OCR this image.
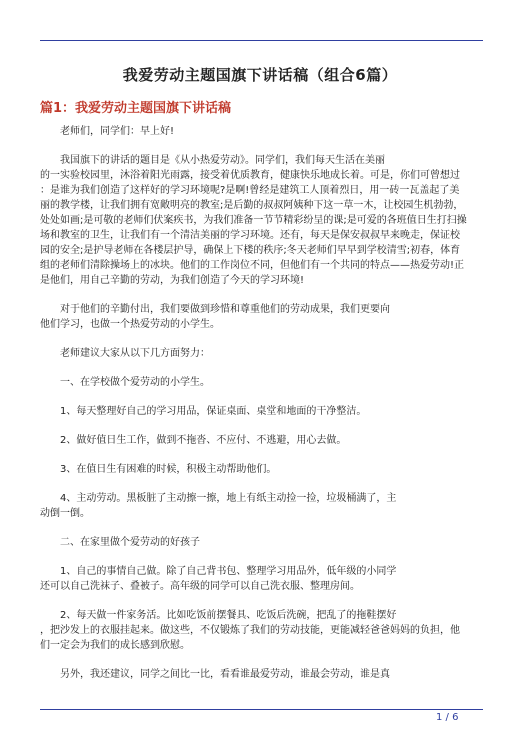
我爱劳动主题国旗下讲话稿（组合6篇）
篇1：我爱劳动主题国旗下讲话稿

老师们，同学们：早上好!

我国旗下的讲话的题目是《从小热爱劳动》。同学们，我们每天生活在美丽
的一实验校园里，沐浴着阳光雨露，接受着优质教育，健康快乐地成长着。可是，你们可曾想过
：是谁为我们创造了这样好的学习环境呢?是啊!曾经是建筑工人顶着烈日，用一砖一瓦盖起了美
丽的教学楼，让我们拥有宽敞明亮的教室;是后勤的叔叔阿姨种下这一草一木，让校园生机勃勃，
处处如画;是可敬的老师们伏案疾书，为我们准备一节节精彩纷呈的课;是可爱的各班值日生打扫操
场和教室的卫生，让我们有一个清洁美丽的学习环境。还有，每天是保安叔叔早来晚走，保证校
园的安全;是护导老师在各楼层护导，确保上下楼的秩序;冬天老师们早早到学校清雪;初春，体育
组的老师们清除操场上的冰块。他们的工作岗位不同，但他们有一个共同的特点——热爱劳动!正
是他们，用自己辛勤的劳动，为我们创造了今天的学习环境!

对于他们的辛勤付出，我们要做到珍惜和尊重他们的劳动成果，我们更要向
他们学习，也做一个热爱劳动的小学生。

老师建议大家从以下几方面努力：

一、在学校做个爱劳动的小学生。

1、每天整理好自己的学习用品，保证桌面、桌堂和地面的干净整洁。

2、做好值日生工作，做到不拖沓、不应付、不逃避，用心去做。

3、在值日生有困难的时候，积极主动帮助他们。

4、主动劳动。黑板脏了主动擦一擦，地上有纸主动捡一捡，垃圾桶满了，主
动倒一倒。

二、在家里做个爱劳动的好孩子

1、自己的事情自己做。除了自己背书包、整理学习用品外，低年级的小同学
还可以自己洗袜子、叠被子。高年级的同学可以自己洗衣服、整理房间。

2、每天做一件家务活。比如吃饭前摆餐具、吃饭后洗碗，把乱了的拖鞋摆好
，把沙发上的衣服挂起来。做这些，不仅锻炼了我们的劳动技能，更能减轻爸爸妈妈的负担，他
们一定会为我们的成长感到欣慰。

另外，我还建议，同学之间比一比，看看谁最爱劳动，谁最会劳动，谁是真

1 / 6
